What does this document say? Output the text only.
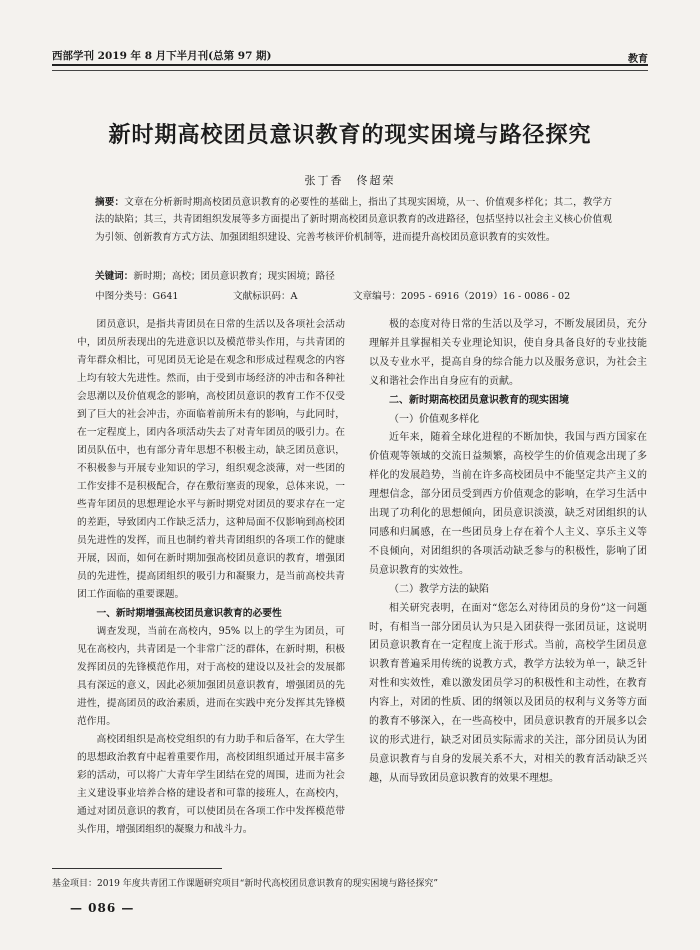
西部学刊 2019 年 8 月下半月刊(总第 97 期)	教育
新时期高校团员意识教育的现实困境与路径探究
张丁香　佟超荣
摘要：文章在分析新时期高校团员意识教育的必要性的基础上，指出了其现实困境，从一、价值观多样化；其二，教学方法的缺陷；其三，共青团组织发展等多方面提出了新时期高校团员意识教育的改进路径，包括坚持以社会主义核心价值观为引领、创新教育方式方法、加强团组织建设、完善考核评价机制等，进而提升高校团员意识教育的实效性。
关键词：新时期；高校；团员意识教育；现实困境；路径
中图分类号：G641	文献标识码：A	文章编号：2095 - 6916（2019）16 - 0086 - 02

团员意识，是指共青团员在日常的生活以及各项社会活动中，团员所表现出的先进意识以及模范带头作用，与共青团的青年群众相比，可见团员无论是在观念和形成过程观念的内容上均有较大先进性。然而，由于受到市场经济的冲击和各种社会思潮以及价值观念的影响，高校团员意识的教育工作不仅受到了巨大的社会冲击，亦面临着前所未有的影响，与此同时，在一定程度上，团内各项活动失去了对青年团员的吸引力。在团员队伍中，也有部分青年思想不积极主动，缺乏团员意识，不积极参与开展专业知识的学习，组织观念淡薄，对一些团的工作安排不是积极配合，存在敷衍塞责的现象，总体来说，一些青年团员的思想理论水平与新时期党对团员的要求存在一定的差距，导致团内工作缺乏活力，这种局面不仅影响到高校团员先进性的发挥，而且也制约着共青团组织的各项工作的健康开展，因而，如何在新时期加强高校团员意识的教育，增强团员的先进性，提高团组织的吸引力和凝聚力，是当前高校共青团工作面临的重要课题。

一、新时期增强高校团员意识教育的必要性

调查发现，当前在高校内，95% 以上的学生为团员，可见在高校内，共青团是一个非常广泛的群体，在新时期，积极发挥团员的先锋模范作用，对于高校的建设以及社会的发展都具有深远的意义，因此必须加强团员意识教育，增强团员的先进性，提高团员的政治素质，进而在实践中充分发挥其先锋模范作用。

高校团组织是高校党组织的有力助手和后备军，在大学生的思想政治教育中起着重要作用，高校团组织通过开展丰富多彩的活动，可以将广大青年学生团结在党的周围，进而为社会主义建设事业培养合格的建设者和可靠的接班人，在高校内，通过对团员意识的教育，可以使团员在各项工作中发挥模范带头作用，增强团组织的凝聚力和战斗力。

极的态度对待日常的生活以及学习，不断发展团员，充分理解并且掌握相关专业理论知识，使自身具备良好的专业技能以及专业水平，提高自身的综合能力以及服务意识，为社会主义和谐社会作出自身应有的贡献。

二、新时期高校团员意识教育的现实困境

（一）价值观多样化

近年来，随着全球化进程的不断加快，我国与西方国家在价值观等领域的交流日益频繁，高校学生的价值观念出现了多样化的发展趋势，当前在许多高校团员中不能坚定共产主义的理想信念，部分团员受到西方价值观念的影响，在学习生活中出现了功利化的思想倾向，团员意识淡漠，缺乏对团组织的认同感和归属感，在一些团员身上存在着个人主义、享乐主义等不良倾向，对团组织的各项活动缺乏参与的积极性，影响了团员意识教育的实效性。

（二）教学方法的缺陷

相关研究表明，在面对“您怎么对待团员的身份”这一问题时，有相当一部分团员认为只是入团获得一张团员证，这说明团员意识教育在一定程度上流于形式。当前，高校学生团员意识教育普遍采用传统的说教方式，教学方法较为单一，缺乏针对性和实效性，难以激发团员学习的积极性和主动性，在教育内容上，对团的性质、团的纲领以及团员的权利与义务等方面的教育不够深入，在一些高校中，团员意识教育的开展多以会议的形式进行，缺乏对团员实际需求的关注，部分团员认为团员意识教育与自身的发展关系不大，对相关的教育活动缺乏兴趣，从而导致团员意识教育的效果不理想。

基金项目：2019 年度共青团工作课题研究项目“新时代高校团员意识教育的现实困境与路径探究”
— 086 —
